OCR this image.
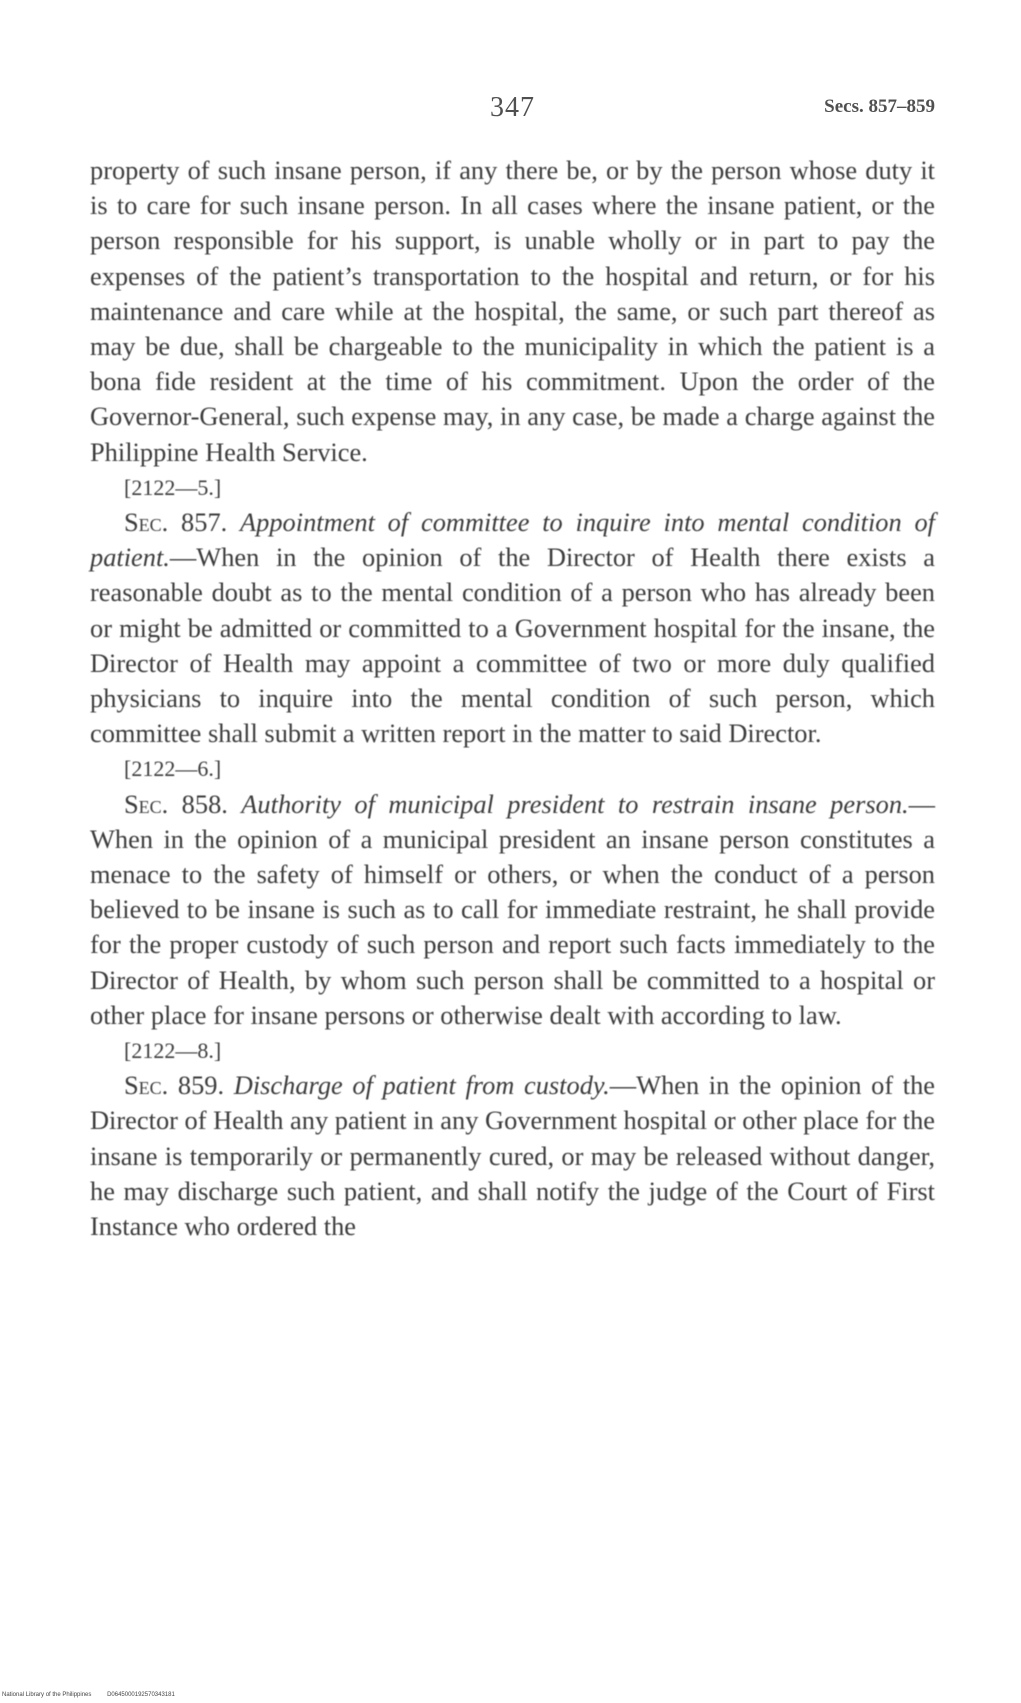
347	Secs. 857–859

property of such insane person, if any there be, or by the person whose duty it is to care for such insane person. In all cases where the insane patient, or the person responsible for his support, is unable wholly or in part to pay the expenses of the patient’s transportation to the hospital and return, or for his maintenance and care while at the hospital, the same, or such part thereof as may be due, shall be chargeable to the municipality in which the patient is a bona fide resident at the time of his commitment. Upon the order of the Governor-General, such expense may, in any case, be made a charge against the Philippine Health Service.

[2122—5.]

Sec. 857. Appointment of committee to inquire into mental condition of patient.—When in the opinion of the Director of Health there exists a reasonable doubt as to the mental condition of a person who has already been or might be admitted or committed to a Government hospital for the insane, the Director of Health may appoint a committee of two or more duly qualified physicians to inquire into the mental condition of such person, which committee shall submit a written report in the matter to said Director.

[2122—6.]

Sec. 858. Authority of municipal president to restrain insane person.—When in the opinion of a municipal president an insane person constitutes a menace to the safety of himself or others, or when the conduct of a person believed to be insane is such as to call for immediate restraint, he shall provide for the proper custody of such person and report such facts immediately to the Director of Health, by whom such person shall be committed to a hospital or other place for insane persons or otherwise dealt with according to law.

[2122—8.]

Sec. 859. Discharge of patient from custody.—When in the opinion of the Director of Health any patient in any Government hospital or other place for the insane is temporarily or permanently cured, or may be released without danger, he may discharge such patient, and shall notify the judge of the Court of First Instance who ordered the

National Library of the Philippines	D0645000192570343181
